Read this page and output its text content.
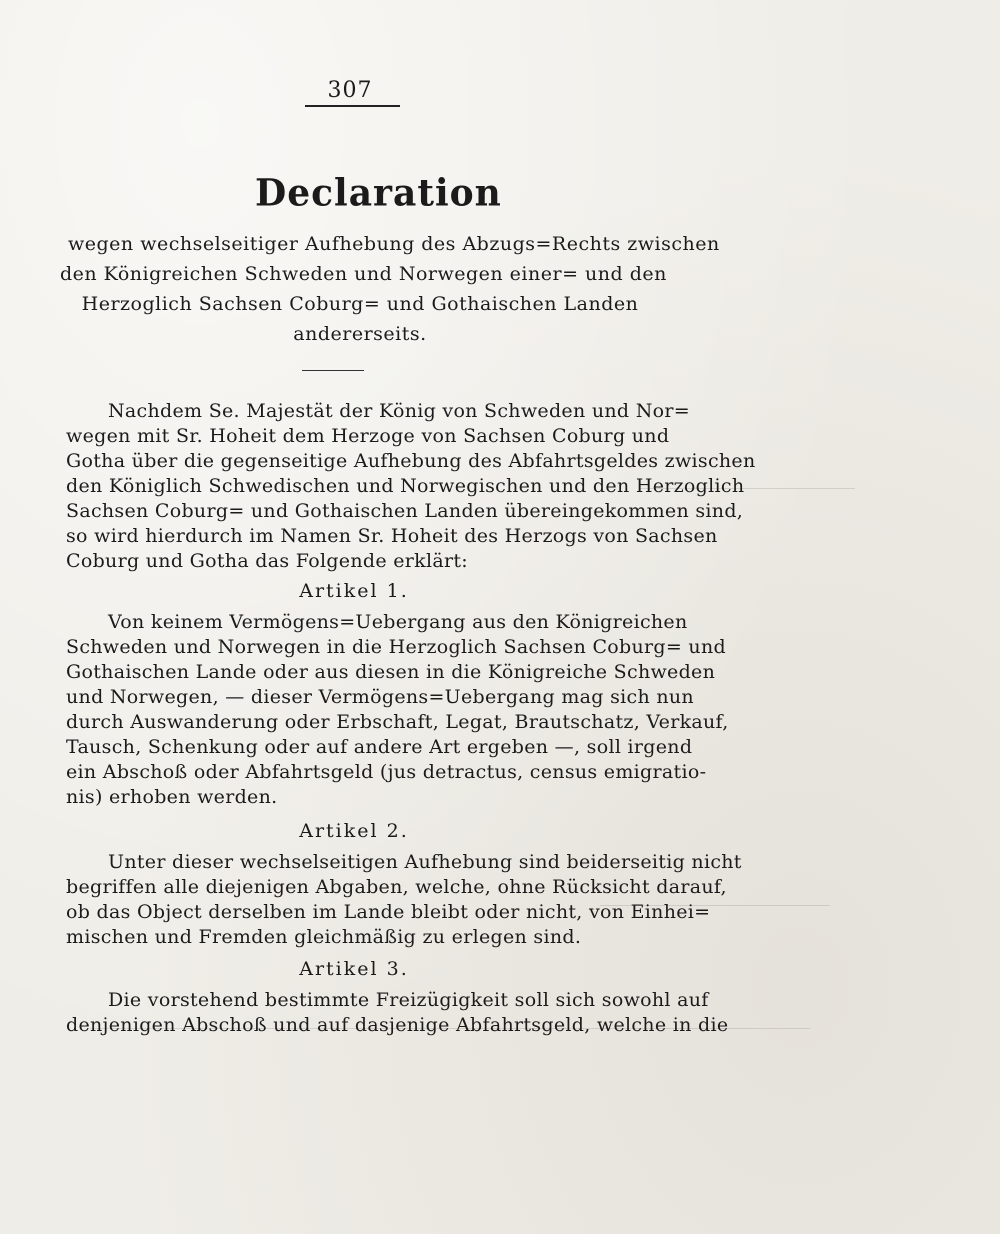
307
Declaration
wegen wechselseitiger Aufhebung des Abzugs=Rechts zwischen
den Königreichen Schweden und Norwegen einer= und den
Herzoglich Sachsen Coburg= und Gothaischen Landen
andererseits.
Nachdem Se. Majestät der König von Schweden und Nor=
wegen mit Sr. Hoheit dem Herzoge von Sachsen Coburg und
Gotha über die gegenseitige Aufhebung des Abfahrtsgeldes zwischen
den Königlich Schwedischen und Norwegischen und den Herzoglich
Sachsen Coburg= und Gothaischen Landen übereingekommen sind,
so wird hierdurch im Namen Sr. Hoheit des Herzogs von Sachsen
Coburg und Gotha das Folgende erklärt:
Artikel 1.
Von keinem Vermögens=Uebergang aus den Königreichen
Schweden und Norwegen in die Herzoglich Sachsen Coburg= und
Gothaischen Lande oder aus diesen in die Königreiche Schweden
und Norwegen, — dieser Vermögens=Uebergang mag sich nun
durch Auswanderung oder Erbschaft, Legat, Brautschatz, Verkauf,
Tausch, Schenkung oder auf andere Art ergeben —, soll irgend
ein Abschoß oder Abfahrtsgeld (jus detractus, census emigratio-
nis) erhoben werden.
Artikel 2.
Unter dieser wechselseitigen Aufhebung sind beiderseitig nicht
begriffen alle diejenigen Abgaben, welche, ohne Rücksicht darauf,
ob das Object derselben im Lande bleibt oder nicht, von Einhei=
mischen und Fremden gleichmäßig zu erlegen sind.
Artikel 3.
Die vorstehend bestimmte Freizügigkeit soll sich sowohl auf
denjenigen Abschoß und auf dasjenige Abfahrtsgeld, welche in die
